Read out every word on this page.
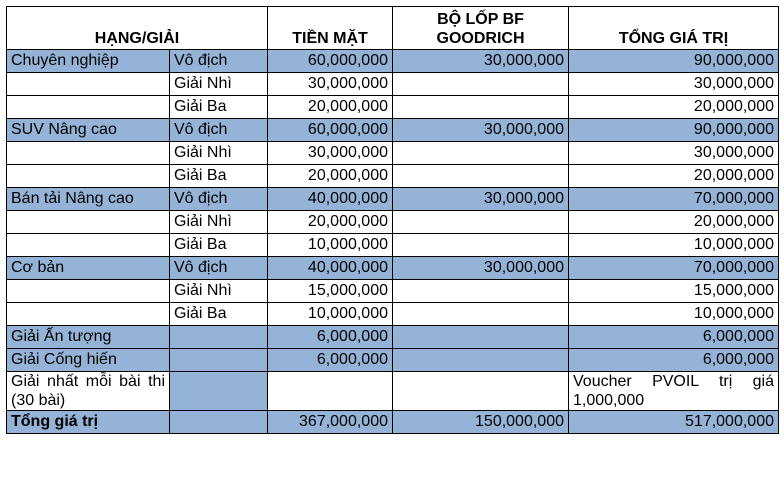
HẠNG/GIẢI		TIỀN MẶT	BỘ LỐP BF GOODRICH	TỔNG GIÁ TRỊ
Chuyên nghiệp	Vô địch	60,000,000	30,000,000	90,000,000
	Giải Nhì	30,000,000		30,000,000
	Giải Ba	20,000,000		20,000,000
SUV Nâng cao	Vô địch	60,000,000	30,000,000	90,000,000
	Giải Nhì	30,000,000		30,000,000
	Giải Ba	20,000,000		20,000,000
Bán tải Nâng cao	Vô địch	40,000,000	30,000,000	70,000,000
	Giải Nhì	20,000,000		20,000,000
	Giải Ba	10,000,000		10,000,000
Cơ bản	Vô địch	40,000,000	30,000,000	70,000,000
	Giải Nhì	15,000,000		15,000,000
	Giải Ba	10,000,000		10,000,000
Giải Ấn tượng		6,000,000		6,000,000
Giải Cống hiến		6,000,000		6,000,000
Giải nhất mỗi bài thi (30 bài)				Voucher PVOIL trị giá 1,000,000
Tổng giá trị		367,000,000	150,000,000	517,000,000
